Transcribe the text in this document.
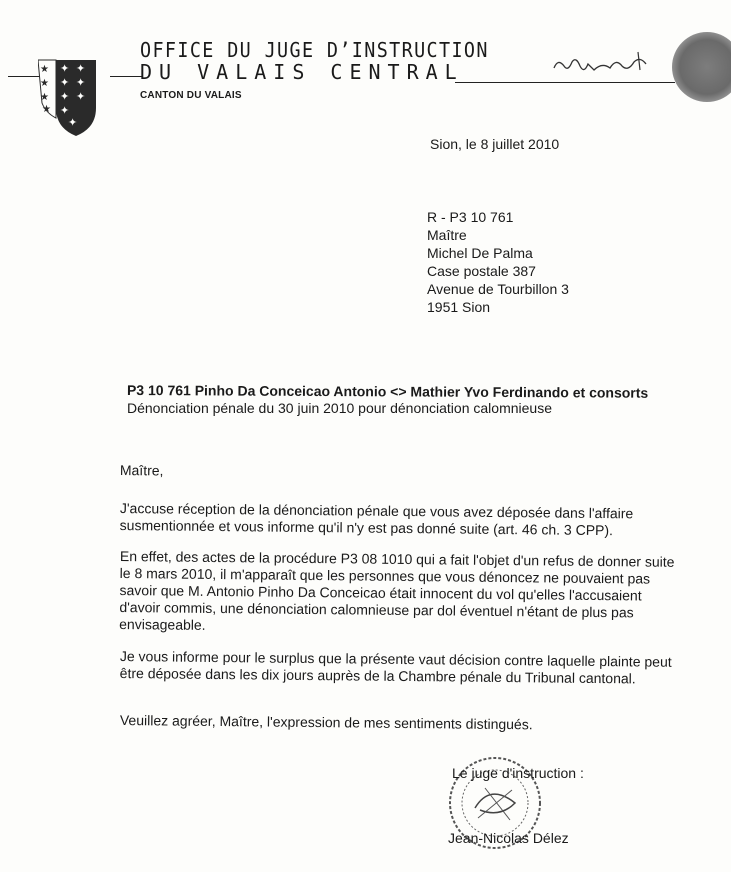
✦ ✦
✦ ✦
✦ ✦
✦
✦
★
★
★
★
OFFICE DU JUGE D’INSTRUCTION
DU VALAIS CENTRAL
CANTON DU VALAIS
Sion, le 8 juillet 2010
R - P3 10 761
Maître
Michel De Palma
Case postale 387
Avenue de Tourbillon 3
1951 Sion
P3 10 761 Pinho Da Conceicao Antonio <> Mathier Yvo Ferdinando et consorts
Dénonciation pénale du 30 juin 2010 pour dénonciation calomnieuse
Maître,
J'accuse réception de la dénonciation pénale que vous avez déposée dans l'affaire susmentionnée et vous informe qu'il n'y est pas donné suite (art. 46 ch. 3 CPP).
En effet, des actes de la procédure P3 08 1010 qui a fait l'objet d'un refus de donner suite le 8 mars 2010, il m'apparaît que les personnes que vous dénoncez ne pouvaient pas savoir que M. Antonio Pinho Da Conceicao était innocent du vol qu'elles l'accusaient d'avoir commis, une dénonciation calomnieuse par dol éventuel n'étant de plus pas envisageable.
Je vous informe pour le surplus que la présente vaut décision contre laquelle plainte peut être déposée dans les dix jours auprès de la Chambre pénale du Tribunal cantonal.
Veuillez agréer, Maître, l'expression de mes sentiments distingués.
Le juge d'instruction :
Jean-Nicolas Délez
